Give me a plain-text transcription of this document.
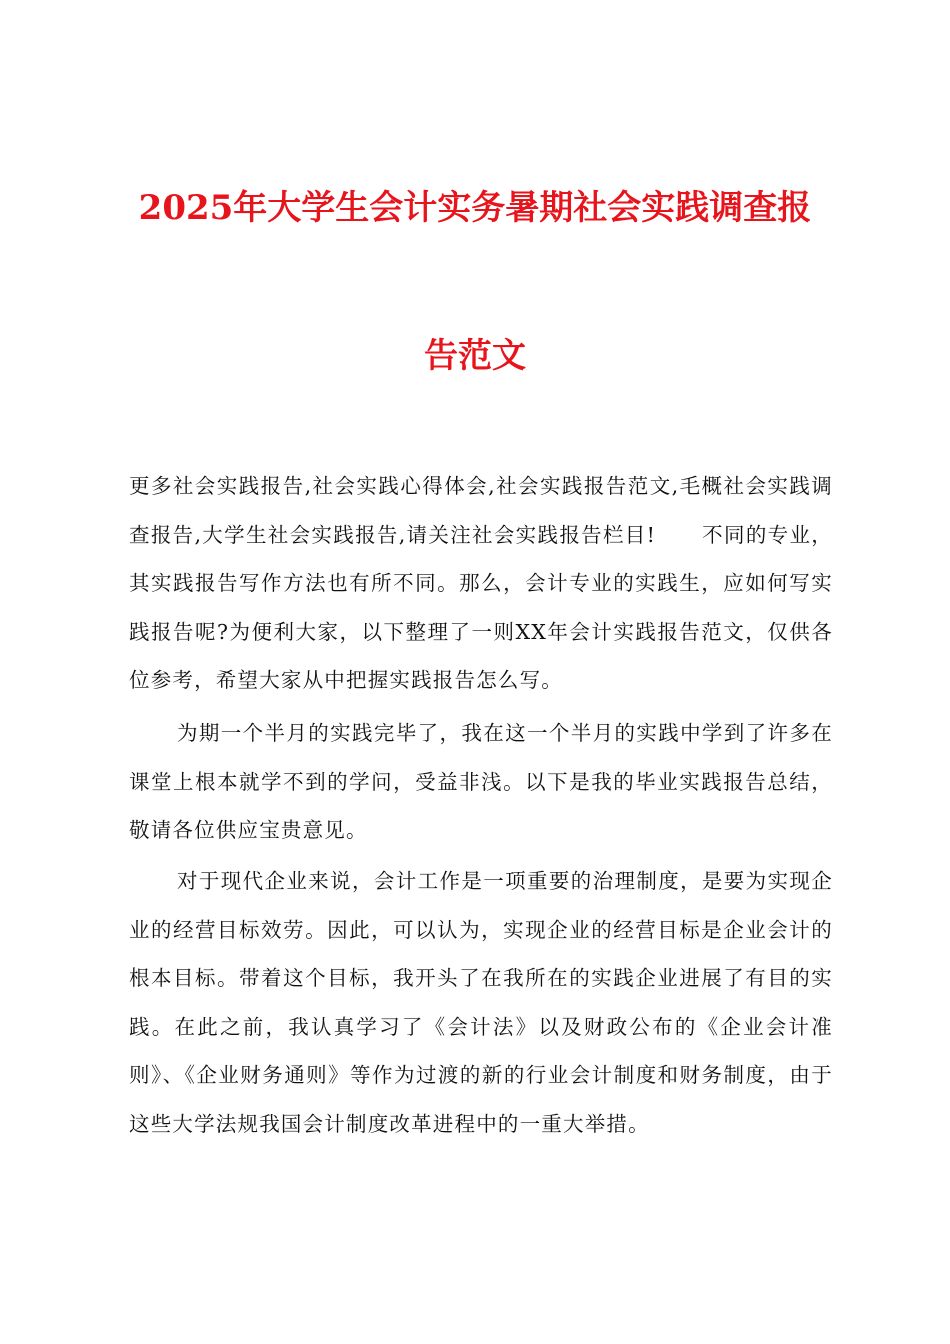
2025年大学生会计实务暑期社会实践调查报
告范文
更多社会实践报告,社会实践心得体会,社会实践报告范文,毛概社会实践调查报告,大学生社会实践报告,请关注社会实践报告栏目! 不同的专业，其实践报告写作方法也有所不同。那么，会计专业的实践生，应如何写实践报告呢?为便利大家，以下整理了一则XX年会计实践报告范文，仅供各位参考，希望大家从中把握实践报告怎么写。
为期一个半月的实践完毕了，我在这一个半月的实践中学到了许多在课堂上根本就学不到的学问，受益非浅。以下是我的毕业实践报告总结，敬请各位供应宝贵意见。
对于现代企业来说，会计工作是一项重要的治理制度，是要为实现企业的经营目标效劳。因此，可以认为，实现企业的经营目标是企业会计的根本目标。带着这个目标，我开头了在我所在的实践企业进展了有目的实践。在此之前，我认真学习了《会计法》以及财政公布的《企业会计准则》、《企业财务通则》等作为过渡的新的行业会计制度和财务制度，由于这些大学法规我国会计制度改革进程中的一重大举措。
